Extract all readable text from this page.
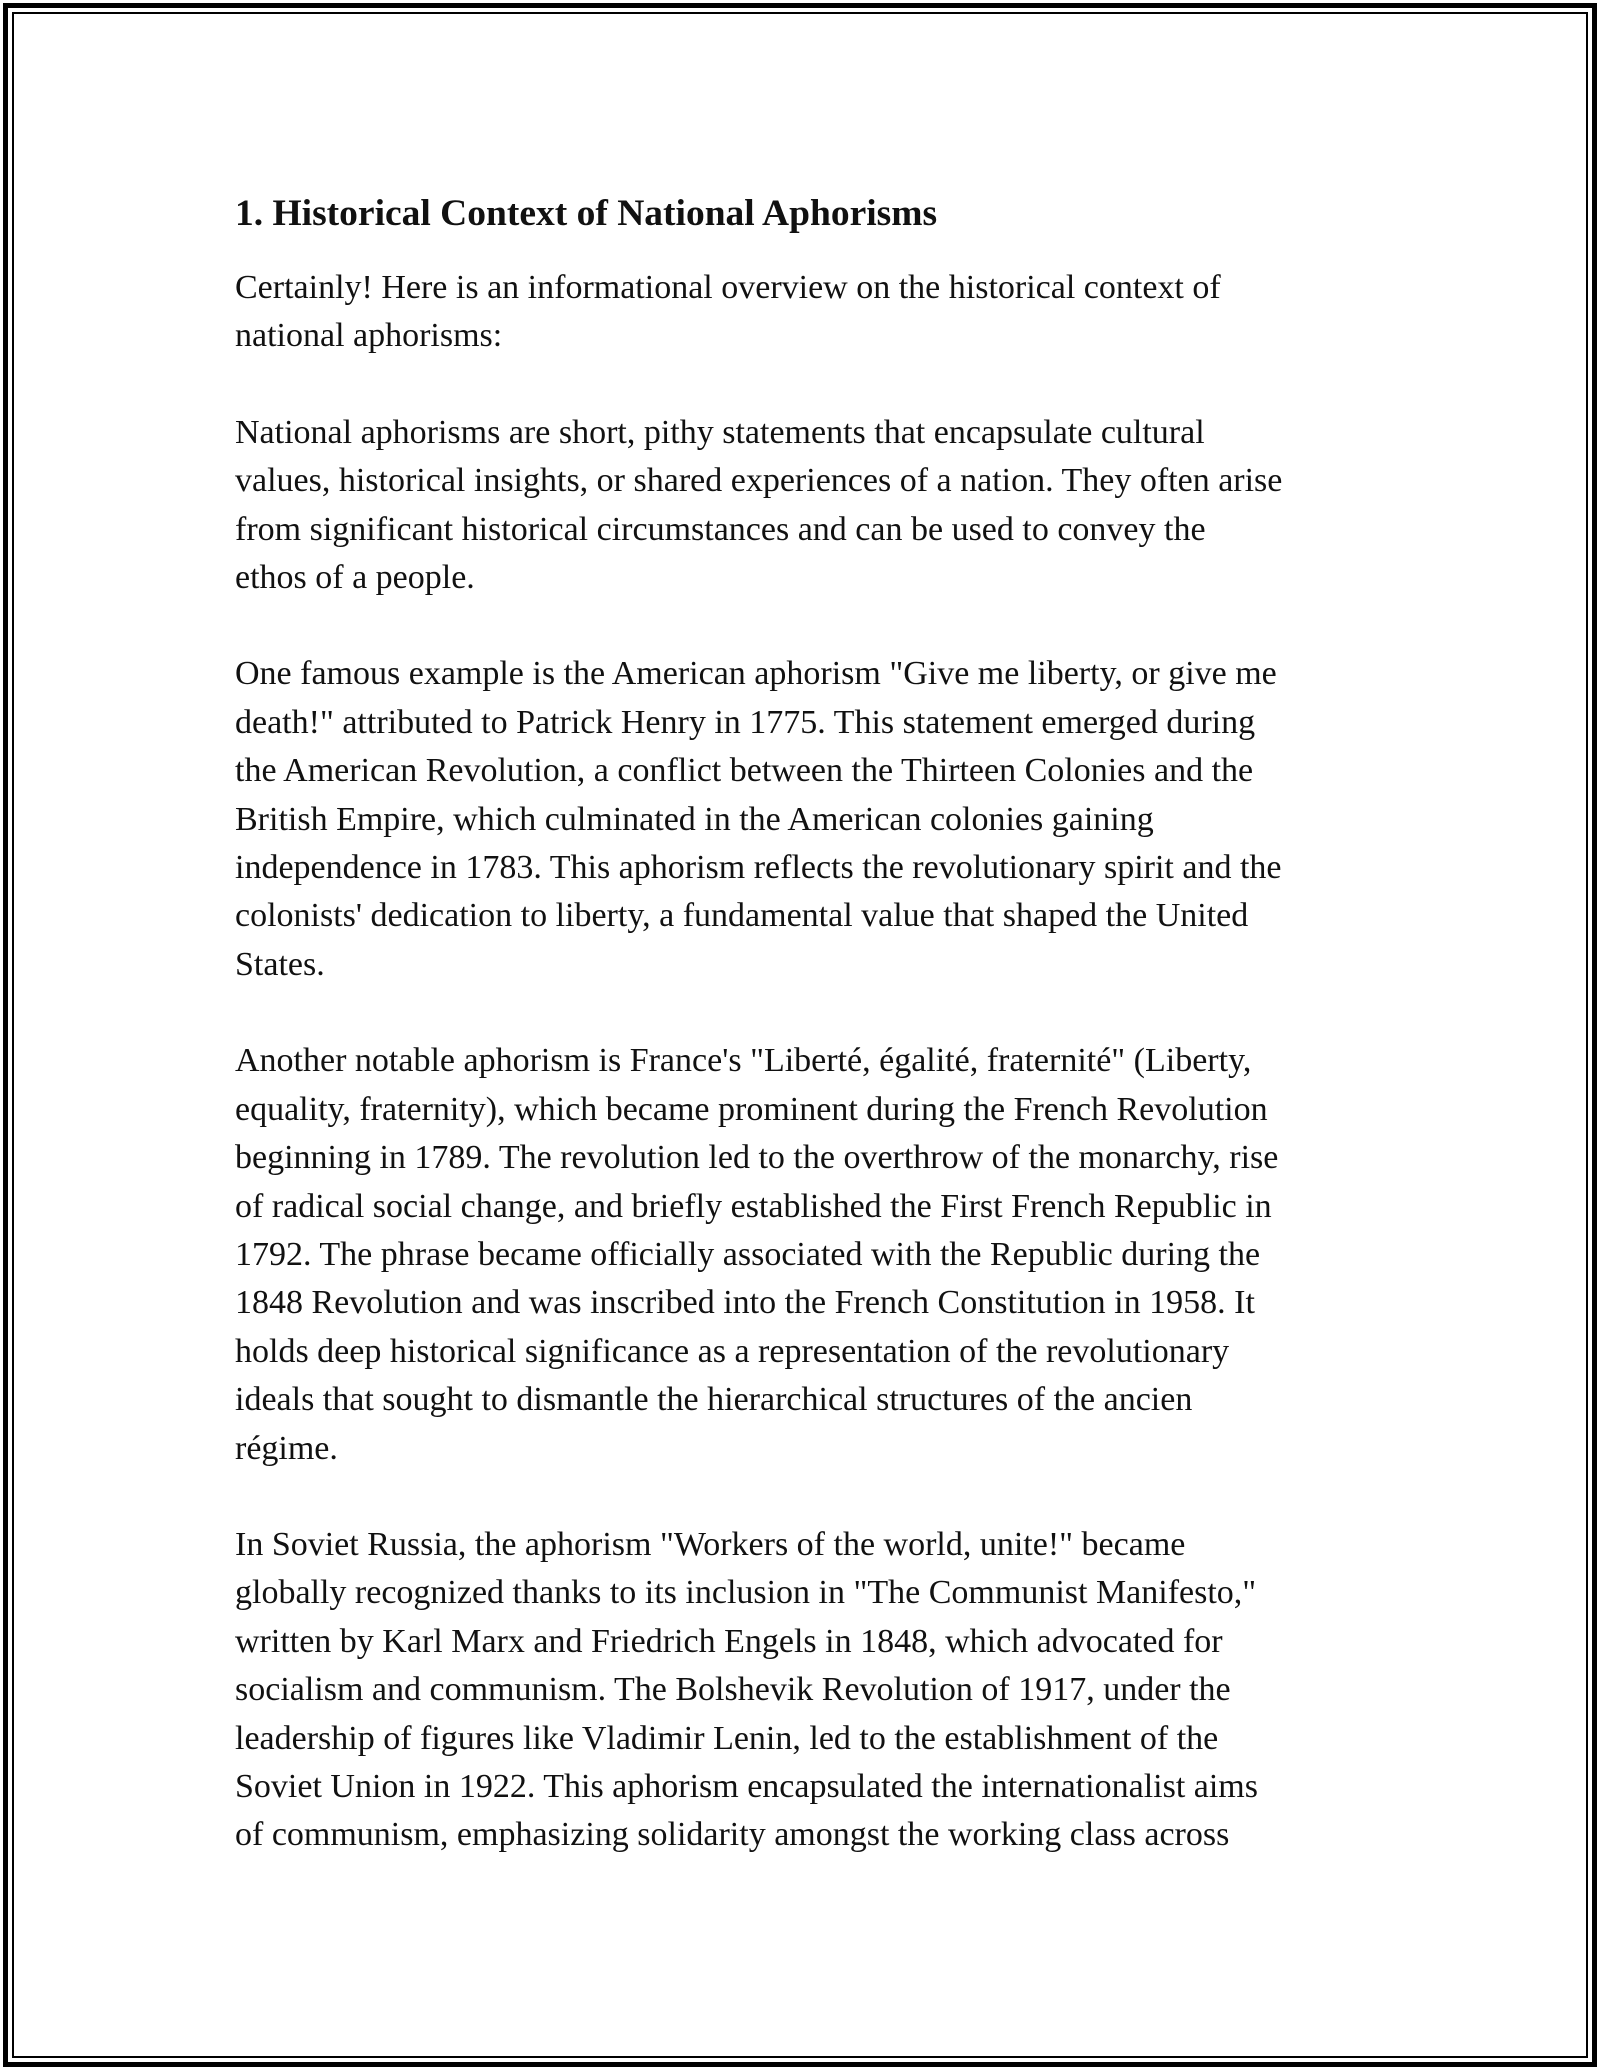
1. Historical Context of National Aphorisms

Certainly! Here is an informational overview on the historical context of
national aphorisms:

National aphorisms are short, pithy statements that encapsulate cultural
values, historical insights, or shared experiences of a nation. They often arise
from significant historical circumstances and can be used to convey the
ethos of a people.

One famous example is the American aphorism "Give me liberty, or give me
death!" attributed to Patrick Henry in 1775. This statement emerged during
the American Revolution, a conflict between the Thirteen Colonies and the
British Empire, which culminated in the American colonies gaining
independence in 1783. This aphorism reflects the revolutionary spirit and the
colonists' dedication to liberty, a fundamental value that shaped the United
States.

Another notable aphorism is France's "Liberté, égalité, fraternité" (Liberty,
equality, fraternity), which became prominent during the French Revolution
beginning in 1789. The revolution led to the overthrow of the monarchy, rise
of radical social change, and briefly established the First French Republic in
1792. The phrase became officially associated with the Republic during the
1848 Revolution and was inscribed into the French Constitution in 1958. It
holds deep historical significance as a representation of the revolutionary
ideals that sought to dismantle the hierarchical structures of the ancien
régime.

In Soviet Russia, the aphorism "Workers of the world, unite!" became
globally recognized thanks to its inclusion in "The Communist Manifesto,"
written by Karl Marx and Friedrich Engels in 1848, which advocated for
socialism and communism. The Bolshevik Revolution of 1917, under the
leadership of figures like Vladimir Lenin, led to the establishment of the
Soviet Union in 1922. This aphorism encapsulated the internationalist aims
of communism, emphasizing solidarity amongst the working class across
